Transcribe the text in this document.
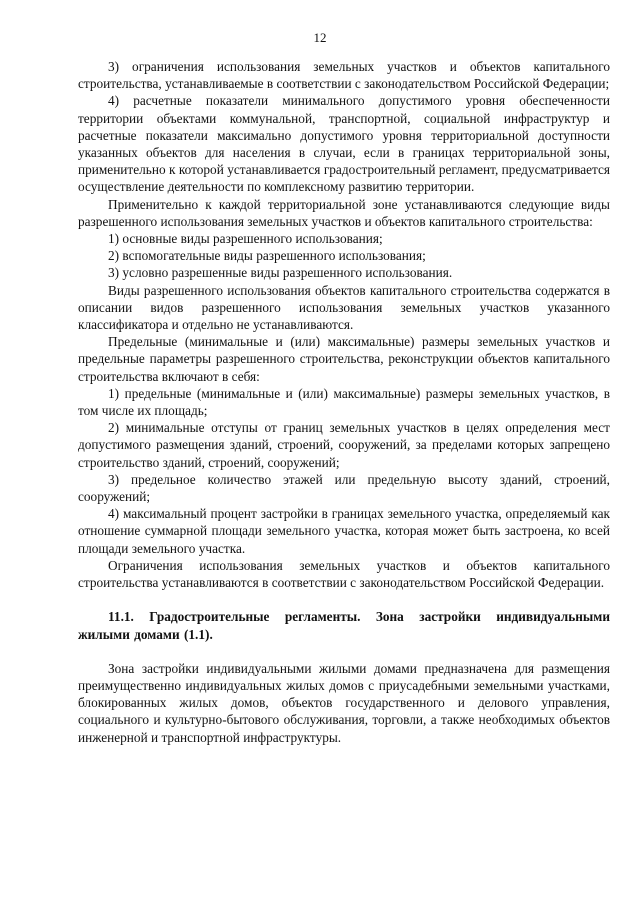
12

3) ограничения использования земельных участков и объектов капитального строительства, устанавливаемые в соответствии с законодательством Российской Федерации;

4) расчетные показатели минимального допустимого уровня обеспеченности территории объектами коммунальной, транспортной, социальной инфраструктур и расчетные показатели максимально допустимого уровня территориальной доступности указанных объектов для населения в случаи, если в границах территориальной зоны, применительно к которой устанавливается градостроительный регламент, предусматривается осуществление деятельности по комплексному развитию территории.

Применительно к каждой территориальной зоне устанавливаются следующие виды разрешенного использования земельных участков и объектов капитального строительства:

1) основные виды разрешенного использования;

2) вспомогательные виды разрешенного использования;

3) условно разрешенные виды разрешенного использования.

Виды разрешенного использования объектов капитального строительства содержатся в описании видов разрешенного использования земельных участков указанного классификатора и отдельно не устанавливаются.

Предельные (минимальные и (или) максимальные) размеры земельных участков и предельные параметры разрешенного строительства, реконструкции объектов капитального строительства включают в себя:

1) предельные (минимальные и (или) максимальные) размеры земельных участков, в том числе их площадь;

2) минимальные отступы от границ земельных участков в целях определения мест допустимого размещения зданий, строений, сооружений, за пределами которых запрещено строительство зданий, строений, сооружений;

3) предельное количество этажей или предельную высоту зданий, строений, сооружений;

4) максимальный процент застройки в границах земельного участка, определяемый как отношение суммарной площади земельного участка, которая может быть застроена, ко всей площади земельного участка.

Ограничения использования земельных участков и объектов капитального строительства устанавливаются в соответствии с законодательством Российской Федерации.

11.1. Градостроительные регламенты. Зона застройки индивидуальными жилыми домами (1.1).

Зона застройки индивидуальными жилыми домами предназначена для размещения преимущественно индивидуальных жилых домов с приусадебными земельными участками, блокированных жилых домов, объектов государственного и делового управления, социального и культурно-бытового обслуживания, торговли, а также необходимых объектов инженерной и транспортной инфраструктуры.
